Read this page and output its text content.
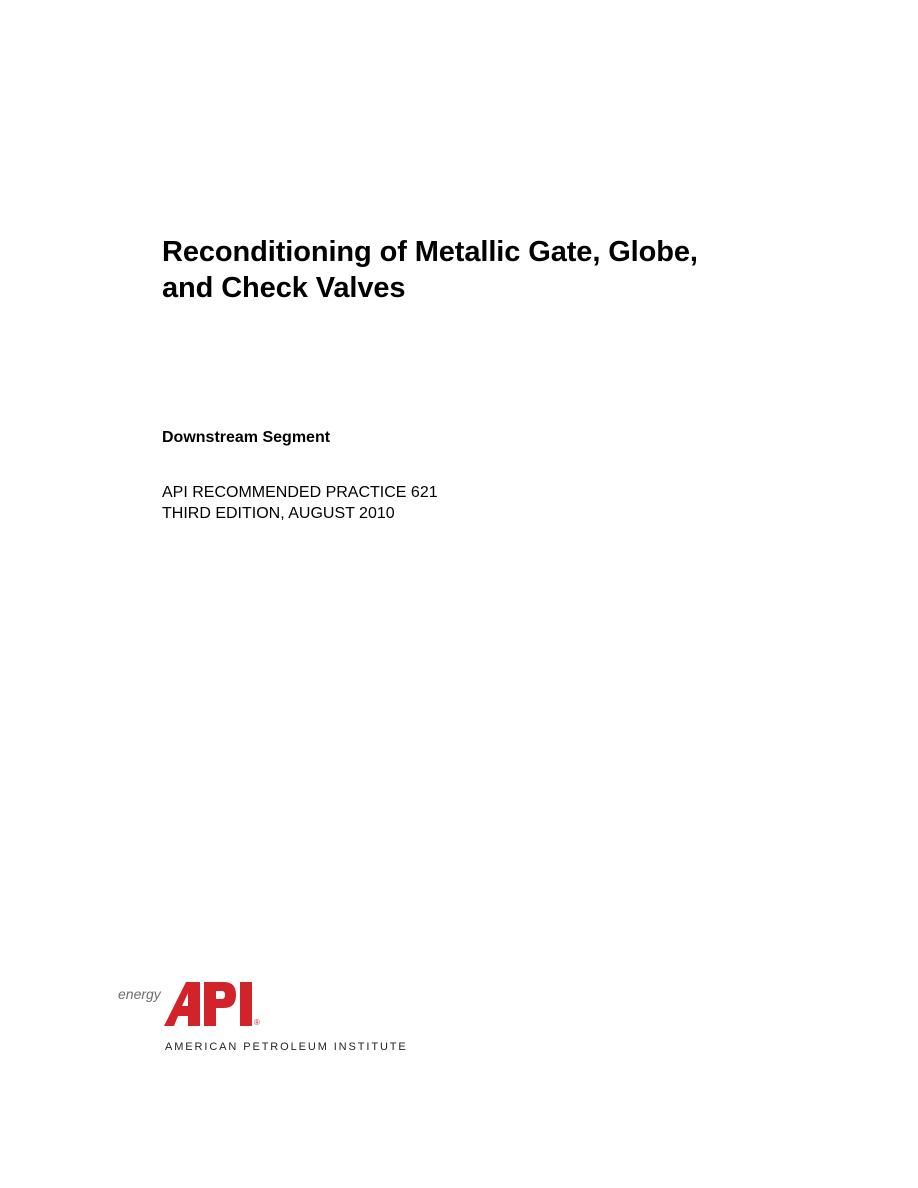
Reconditioning of Metallic Gate, Globe,
and Check Valves
Downstream Segment
API RECOMMENDED PRACTICE 621
THIRD EDITION, AUGUST 2010
energy
®
AMERICAN PETROLEUM INSTITUTE
